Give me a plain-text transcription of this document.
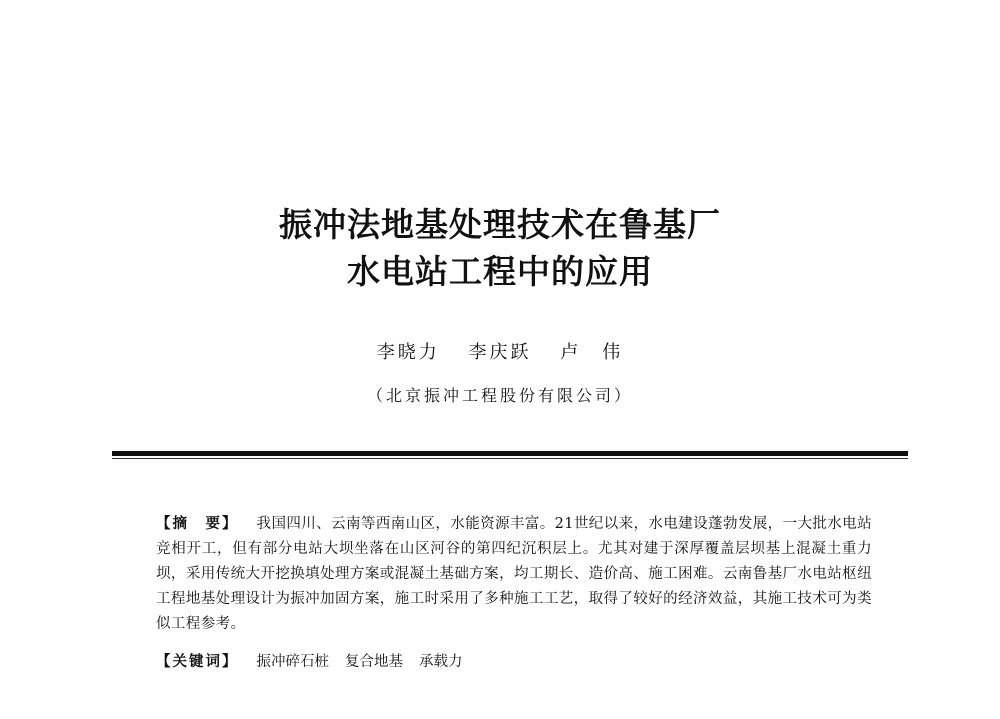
振冲法地基处理技术在鲁基厂
水电站工程中的应用
李晓力 李庆跃 卢　伟
（北京振冲工程股份有限公司）
【摘　要】 我国四川、云南等西南山区，水能资源丰富。21世纪以来，水电建设蓬勃发展，一大批水电站竞相开工，但有部分电站大坝坐落在山区河谷的第四纪沉积层上。尤其对建于深厚覆盖层坝基上混凝土重力坝，采用传统大开挖换填处理方案或混凝土基础方案，均工期长、造价高、施工困难。云南鲁基厂水电站枢纽工程地基处理设计为振冲加固方案，施工时采用了多种施工工艺，取得了较好的经济效益，其施工技术可为类似工程参考。
【关键词】 振冲碎石桩 复合地基 承载力
